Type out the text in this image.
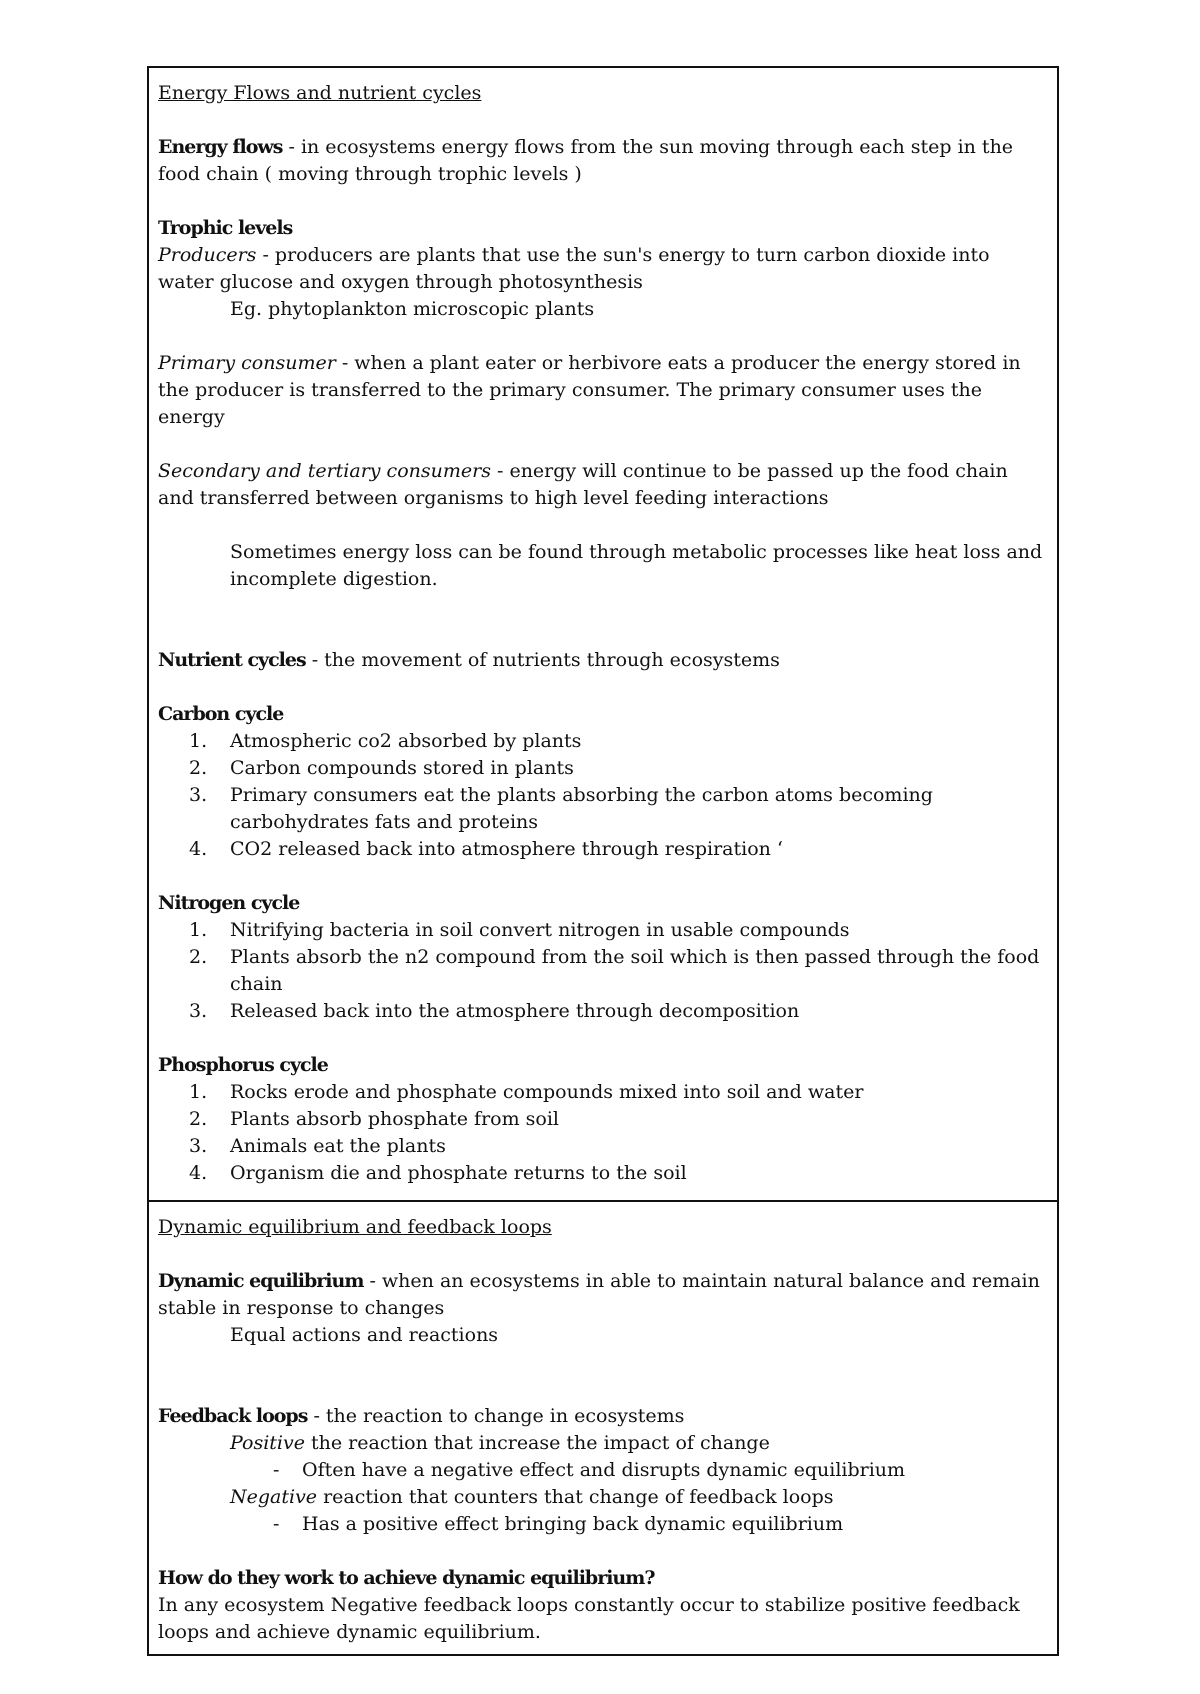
Energy Flows and nutrient cycles

Energy flows - in ecosystems energy flows from the sun moving through each step in the food chain ( moving through trophic levels )

Trophic levels

Producers - producers are plants that use the sun's energy to turn carbon dioxide into water glucose and oxygen through photosynthesis

Eg. phytoplankton microscopic plants

Primary consumer - when a plant eater or herbivore eats a producer the energy stored in the producer is transferred to the primary consumer. The primary consumer uses the energy

Secondary and tertiary consumers - energy will continue to be passed up the food chain and transferred between organisms to high level feeding interactions

Sometimes energy loss can be found through metabolic processes like heat loss and incomplete digestion.

Nutrient cycles - the movement of nutrients through ecosystems

Carbon cycle

1.	Atmospheric co2 absorbed by plants
2.	Carbon compounds stored in plants
3.	Primary consumers eat the plants absorbing the carbon atoms becoming carbohydrates fats and proteins
4.	CO2 released back into atmosphere through respiration ‘

Nitrogen cycle

1.	Nitrifying bacteria in soil convert nitrogen in usable compounds
2.	Plants absorb the n2 compound from the soil which is then passed through the food chain
3.	Released back into the atmosphere through decomposition

Phosphorus cycle

1.	Rocks erode and phosphate compounds mixed into soil and water
2.	Plants absorb phosphate from soil
3.	Animals eat the plants
4.	Organism die and phosphate returns to the soil

Dynamic equilibrium and feedback loops

Dynamic equilibrium - when an ecosystems in able to maintain natural balance and remain stable in response to changes

Equal actions and reactions

Feedback loops - the reaction to change in ecosystems

Positive the reaction that increase the impact of change

- Often have a negative effect and disrupts dynamic equilibrium

Negative reaction that counters that change of feedback loops

- Has a positive effect bringing back dynamic equilibrium

How do they work to achieve dynamic equilibrium?

In any ecosystem Negative feedback loops constantly occur to stabilize positive feedback loops and achieve dynamic equilibrium.
